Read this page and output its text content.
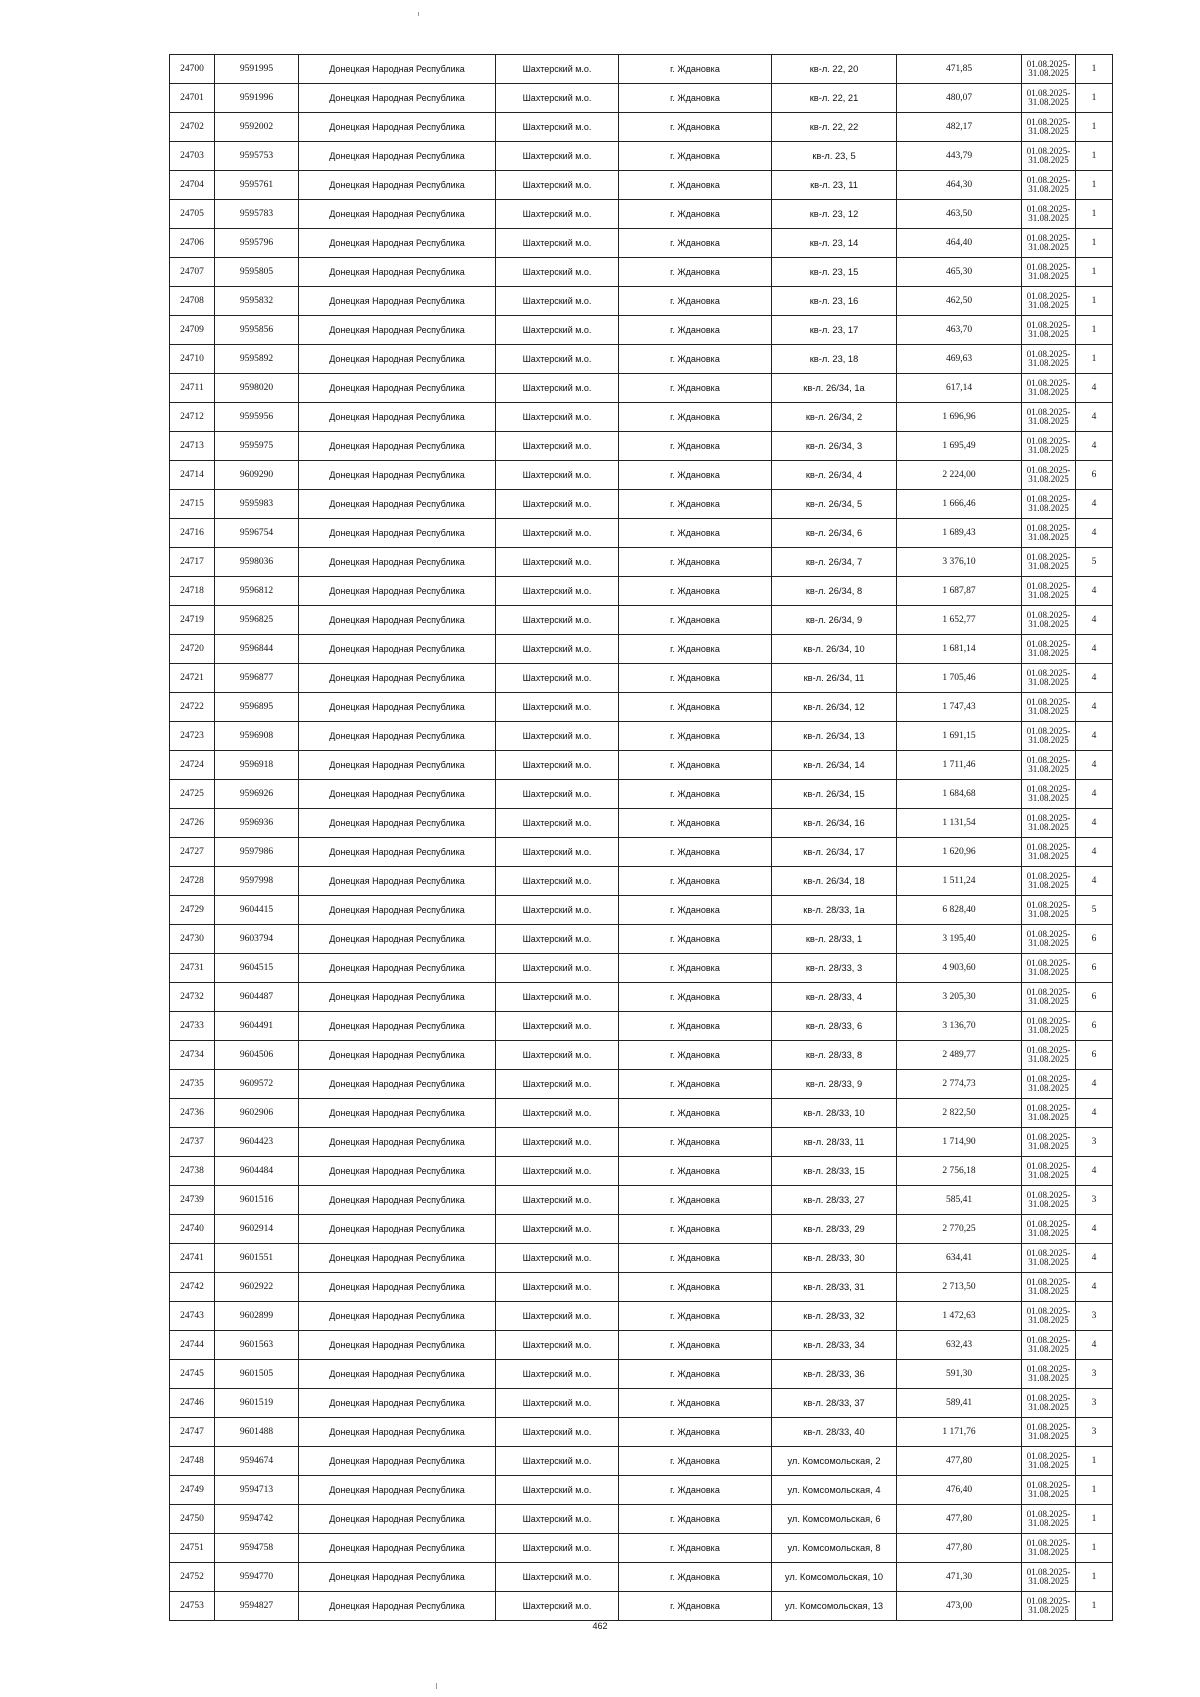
24700	9591995	Донецкая Народная Республика	Шахтерский м.о.	г. Ждановка	кв-л. 22, 20	471,85	01.08.2025-
31.08.2025	1
24701	9591996	Донецкая Народная Республика	Шахтерский м.о.	г. Ждановка	кв-л. 22, 21	480,07	01.08.2025-
31.08.2025	1
24702	9592002	Донецкая Народная Республика	Шахтерский м.о.	г. Ждановка	кв-л. 22, 22	482,17	01.08.2025-
31.08.2025	1
24703	9595753	Донецкая Народная Республика	Шахтерский м.о.	г. Ждановка	кв-л. 23, 5	443,79	01.08.2025-
31.08.2025	1
24704	9595761	Донецкая Народная Республика	Шахтерский м.о.	г. Ждановка	кв-л. 23, 11	464,30	01.08.2025-
31.08.2025	1
24705	9595783	Донецкая Народная Республика	Шахтерский м.о.	г. Ждановка	кв-л. 23, 12	463,50	01.08.2025-
31.08.2025	1
24706	9595796	Донецкая Народная Республика	Шахтерский м.о.	г. Ждановка	кв-л. 23, 14	464,40	01.08.2025-
31.08.2025	1
24707	9595805	Донецкая Народная Республика	Шахтерский м.о.	г. Ждановка	кв-л. 23, 15	465,30	01.08.2025-
31.08.2025	1
24708	9595832	Донецкая Народная Республика	Шахтерский м.о.	г. Ждановка	кв-л. 23, 16	462,50	01.08.2025-
31.08.2025	1
24709	9595856	Донецкая Народная Республика	Шахтерский м.о.	г. Ждановка	кв-л. 23, 17	463,70	01.08.2025-
31.08.2025	1
24710	9595892	Донецкая Народная Республика	Шахтерский м.о.	г. Ждановка	кв-л. 23, 18	469,63	01.08.2025-
31.08.2025	1
24711	9598020	Донецкая Народная Республика	Шахтерский м.о.	г. Ждановка	кв-л. 26/34, 1а	617,14	01.08.2025-
31.08.2025	4
24712	9595956	Донецкая Народная Республика	Шахтерский м.о.	г. Ждановка	кв-л. 26/34, 2	1 696,96	01.08.2025-
31.08.2025	4
24713	9595975	Донецкая Народная Республика	Шахтерский м.о.	г. Ждановка	кв-л. 26/34, 3	1 695,49	01.08.2025-
31.08.2025	4
24714	9609290	Донецкая Народная Республика	Шахтерский м.о.	г. Ждановка	кв-л. 26/34, 4	2 224,00	01.08.2025-
31.08.2025	6
24715	9595983	Донецкая Народная Республика	Шахтерский м.о.	г. Ждановка	кв-л. 26/34, 5	1 666,46	01.08.2025-
31.08.2025	4
24716	9596754	Донецкая Народная Республика	Шахтерский м.о.	г. Ждановка	кв-л. 26/34, 6	1 689,43	01.08.2025-
31.08.2025	4
24717	9598036	Донецкая Народная Республика	Шахтерский м.о.	г. Ждановка	кв-л. 26/34, 7	3 376,10	01.08.2025-
31.08.2025	5
24718	9596812	Донецкая Народная Республика	Шахтерский м.о.	г. Ждановка	кв-л. 26/34, 8	1 687,87	01.08.2025-
31.08.2025	4
24719	9596825	Донецкая Народная Республика	Шахтерский м.о.	г. Ждановка	кв-л. 26/34, 9	1 652,77	01.08.2025-
31.08.2025	4
24720	9596844	Донецкая Народная Республика	Шахтерский м.о.	г. Ждановка	кв-л. 26/34, 10	1 681,14	01.08.2025-
31.08.2025	4
24721	9596877	Донецкая Народная Республика	Шахтерский м.о.	г. Ждановка	кв-л. 26/34, 11	1 705,46	01.08.2025-
31.08.2025	4
24722	9596895	Донецкая Народная Республика	Шахтерский м.о.	г. Ждановка	кв-л. 26/34, 12	1 747,43	01.08.2025-
31.08.2025	4
24723	9596908	Донецкая Народная Республика	Шахтерский м.о.	г. Ждановка	кв-л. 26/34, 13	1 691,15	01.08.2025-
31.08.2025	4
24724	9596918	Донецкая Народная Республика	Шахтерский м.о.	г. Ждановка	кв-л. 26/34, 14	1 711,46	01.08.2025-
31.08.2025	4
24725	9596926	Донецкая Народная Республика	Шахтерский м.о.	г. Ждановка	кв-л. 26/34, 15	1 684,68	01.08.2025-
31.08.2025	4
24726	9596936	Донецкая Народная Республика	Шахтерский м.о.	г. Ждановка	кв-л. 26/34, 16	1 131,54	01.08.2025-
31.08.2025	4
24727	9597986	Донецкая Народная Республика	Шахтерский м.о.	г. Ждановка	кв-л. 26/34, 17	1 620,96	01.08.2025-
31.08.2025	4
24728	9597998	Донецкая Народная Республика	Шахтерский м.о.	г. Ждановка	кв-л. 26/34, 18	1 511,24	01.08.2025-
31.08.2025	4
24729	9604415	Донецкая Народная Республика	Шахтерский м.о.	г. Ждановка	кв-л. 28/33, 1а	6 828,40	01.08.2025-
31.08.2025	5
24730	9603794	Донецкая Народная Республика	Шахтерский м.о.	г. Ждановка	кв-л. 28/33, 1	3 195,40	01.08.2025-
31.08.2025	6
24731	9604515	Донецкая Народная Республика	Шахтерский м.о.	г. Ждановка	кв-л. 28/33, 3	4 903,60	01.08.2025-
31.08.2025	6
24732	9604487	Донецкая Народная Республика	Шахтерский м.о.	г. Ждановка	кв-л. 28/33, 4	3 205,30	01.08.2025-
31.08.2025	6
24733	9604491	Донецкая Народная Республика	Шахтерский м.о.	г. Ждановка	кв-л. 28/33, 6	3 136,70	01.08.2025-
31.08.2025	6
24734	9604506	Донецкая Народная Республика	Шахтерский м.о.	г. Ждановка	кв-л. 28/33, 8	2 489,77	01.08.2025-
31.08.2025	6
24735	9609572	Донецкая Народная Республика	Шахтерский м.о.	г. Ждановка	кв-л. 28/33, 9	2 774,73	01.08.2025-
31.08.2025	4
24736	9602906	Донецкая Народная Республика	Шахтерский м.о.	г. Ждановка	кв-л. 28/33, 10	2 822,50	01.08.2025-
31.08.2025	4
24737	9604423	Донецкая Народная Республика	Шахтерский м.о.	г. Ждановка	кв-л. 28/33, 11	1 714,90	01.08.2025-
31.08.2025	3
24738	9604484	Донецкая Народная Республика	Шахтерский м.о.	г. Ждановка	кв-л. 28/33, 15	2 756,18	01.08.2025-
31.08.2025	4
24739	9601516	Донецкая Народная Республика	Шахтерский м.о.	г. Ждановка	кв-л. 28/33, 27	585,41	01.08.2025-
31.08.2025	3
24740	9602914	Донецкая Народная Республика	Шахтерский м.о.	г. Ждановка	кв-л. 28/33, 29	2 770,25	01.08.2025-
31.08.2025	4
24741	9601551	Донецкая Народная Республика	Шахтерский м.о.	г. Ждановка	кв-л. 28/33, 30	634,41	01.08.2025-
31.08.2025	4
24742	9602922	Донецкая Народная Республика	Шахтерский м.о.	г. Ждановка	кв-л. 28/33, 31	2 713,50	01.08.2025-
31.08.2025	4
24743	9602899	Донецкая Народная Республика	Шахтерский м.о.	г. Ждановка	кв-л. 28/33, 32	1 472,63	01.08.2025-
31.08.2025	3
24744	9601563	Донецкая Народная Республика	Шахтерский м.о.	г. Ждановка	кв-л. 28/33, 34	632,43	01.08.2025-
31.08.2025	4
24745	9601505	Донецкая Народная Республика	Шахтерский м.о.	г. Ждановка	кв-л. 28/33, 36	591,30	01.08.2025-
31.08.2025	3
24746	9601519	Донецкая Народная Республика	Шахтерский м.о.	г. Ждановка	кв-л. 28/33, 37	589,41	01.08.2025-
31.08.2025	3
24747	9601488	Донецкая Народная Республика	Шахтерский м.о.	г. Ждановка	кв-л. 28/33, 40	1 171,76	01.08.2025-
31.08.2025	3
24748	9594674	Донецкая Народная Республика	Шахтерский м.о.	г. Ждановка	ул. Комсомольская, 2	477,80	01.08.2025-
31.08.2025	1
24749	9594713	Донецкая Народная Республика	Шахтерский м.о.	г. Ждановка	ул. Комсомольская, 4	476,40	01.08.2025-
31.08.2025	1
24750	9594742	Донецкая Народная Республика	Шахтерский м.о.	г. Ждановка	ул. Комсомольская, 6	477,80	01.08.2025-
31.08.2025	1
24751	9594758	Донецкая Народная Республика	Шахтерский м.о.	г. Ждановка	ул. Комсомольская, 8	477,80	01.08.2025-
31.08.2025	1
24752	9594770	Донецкая Народная Республика	Шахтерский м.о.	г. Ждановка	ул. Комсомольская, 10	471,30	01.08.2025-
31.08.2025	1
24753	9594827	Донецкая Народная Республика	Шахтерский м.о.	г. Ждановка	ул. Комсомольская, 13	473,00	01.08.2025-
31.08.2025	1
462
